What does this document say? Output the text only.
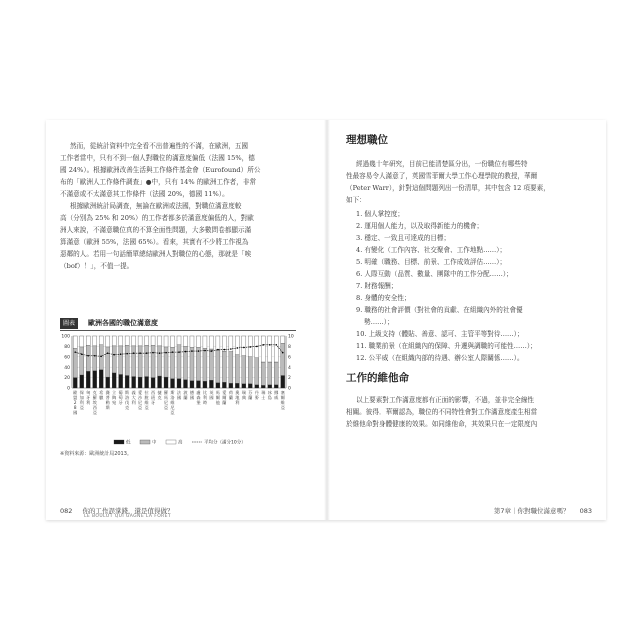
然而，從統計資料中完全看不出普遍性的不滿，在歐洲，五國
工作者當中，只有不到一個人對職位的滿意度偏低（法國 15%，德
國 24%）。根據歐洲改善生活與工作條件基金會（Eurofound）所公
布的「歐洲人工作條件調查」●中，只有 14% 的歐洲工作者，非常
不滿意或不太滿意其工作條件（法國 20%，德國 11%）。
根據歐洲統計局調查，無論在歐洲或法國，對職位滿意度較
高（分別為 25% 和 20%）的工作者都多於滿意度偏低的人，對歐
洲人來說，不滿意職位真的不算全面性問題，大多數問卷都顯示滿
算滿意（歐洲 55%，法國 65%）。看來，其實有不少將工作視為
惡鄰的人。若用一句話簡單總結歐洲人對職位的心態，那就是「唉
（bof）！」，不值一提。
圖表	歐洲各國的職位滿意度
0
20
40
60
80
100
0
2
4
6
8
10
歐
盟
2
8
國
保
加
利
亞
匈
牙
利
克
羅
埃
西
亞
希
臘
賽
普
勒
斯
立
陶
宛
葡
萄
牙
斯
洛
伐
克
義
大
利
愛
沙
尼
亞
拉
脫
維
亞
西
班
牙
捷
克
羅
馬
尼
亞
斯
洛
維
尼
亞
法
國
波
蘭
德
國
盧
森
堡
比
利
時
英
國
馬
爾
他
愛
爾
蘭
荷
蘭
奧
地
利
瑞
典
芬
蘭
丹
麥
瑞
士
冰
島
挪
威
塞
爾
維
亞
低	中	高	平均分（滿分10分）
※資料來源：歐洲統計局2013。
082 你的工作誤掌錢，還是值得做？
LE BOULOT QUI GAGNE LA FORET
理想職位
經過幾十年研究，目前已能清楚區分出，一份職位有哪些特
性最容易令人滿意了，英國雪菲爾大學工作心理學院的教授，華爾
（Peter Warr），針對這個問題列出一份清單，其中包含 12 項要素，
如下：
1. 個人掌控度；
2. 運用個人能力，以及取得新能力的機會；
3. 穩定、一致且可達成的目標；
4. 有變化（工作內容、社交聚會、工作地點……）；
5. 明確（職務、目標、前景、工作成效評估……）；
6. 人際互動（品質、數量、團隊中的工作分配……）；
7. 財務報酬；
8. 身體的安全性；
9. 職務的社會評價（對社會的貢獻、在組織內外的社會優
勢……）；
10. 上級支持（體貼、善意、認可、主管平等對待……）；
11. 職業前景（在組織內的保障、升遷與調職的可能性……）；
12. 公平威（在組織內部的待遇、辦公室人際關係……）。
工作的維他命
以上要素對工作滿意度都有正面的影響，不過，並非完全線性
相關。彼得．華爾認為，職位的不同特性會對工作滿意度產生相當
於維他命對身體健康的效果。如同維他命，其效果只在一定限度內
第7章｜你對職位滿意嗎？ 083
